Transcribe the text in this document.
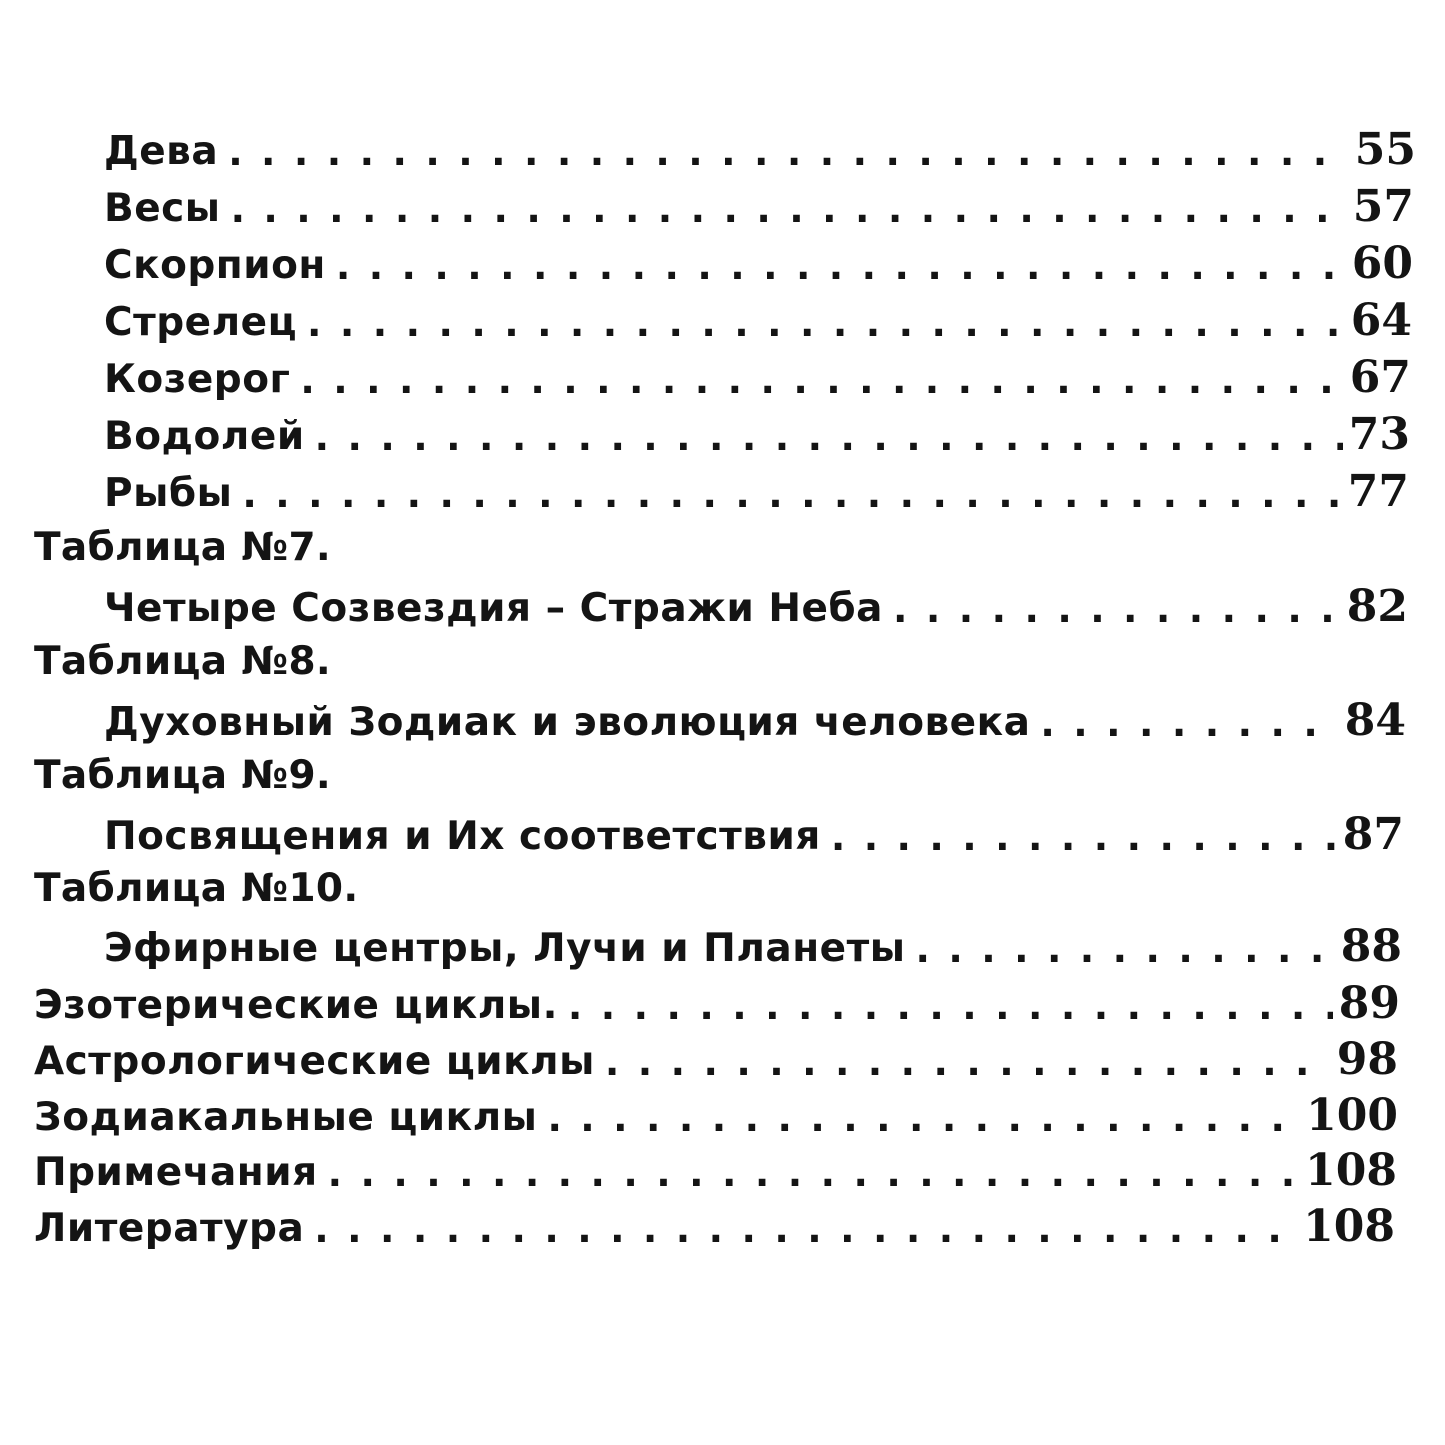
Дева . . .	55
Весы . . .	57
Скорпион . . .	60
Стрелец . . .	64
Козерог . . .	67
Водолей . . .	73
Рыбы . . .	77
Таблица №7.
Четыре Созвездия – Стражи Неба . . .	82
Таблица №8.
Духовный Зодиак и эволюция человека . . .	84
Таблица №9.
Посвящения и Их соответствия . . .	87
Таблица №10.
Эфирные центры, Лучи и Планеты . . .	88
Эзотерические циклы. . . .	89
Астрологические циклы . . .	98
Зодиакальные циклы . . .	100
Примечания . . .	108
Литература . . .	108
